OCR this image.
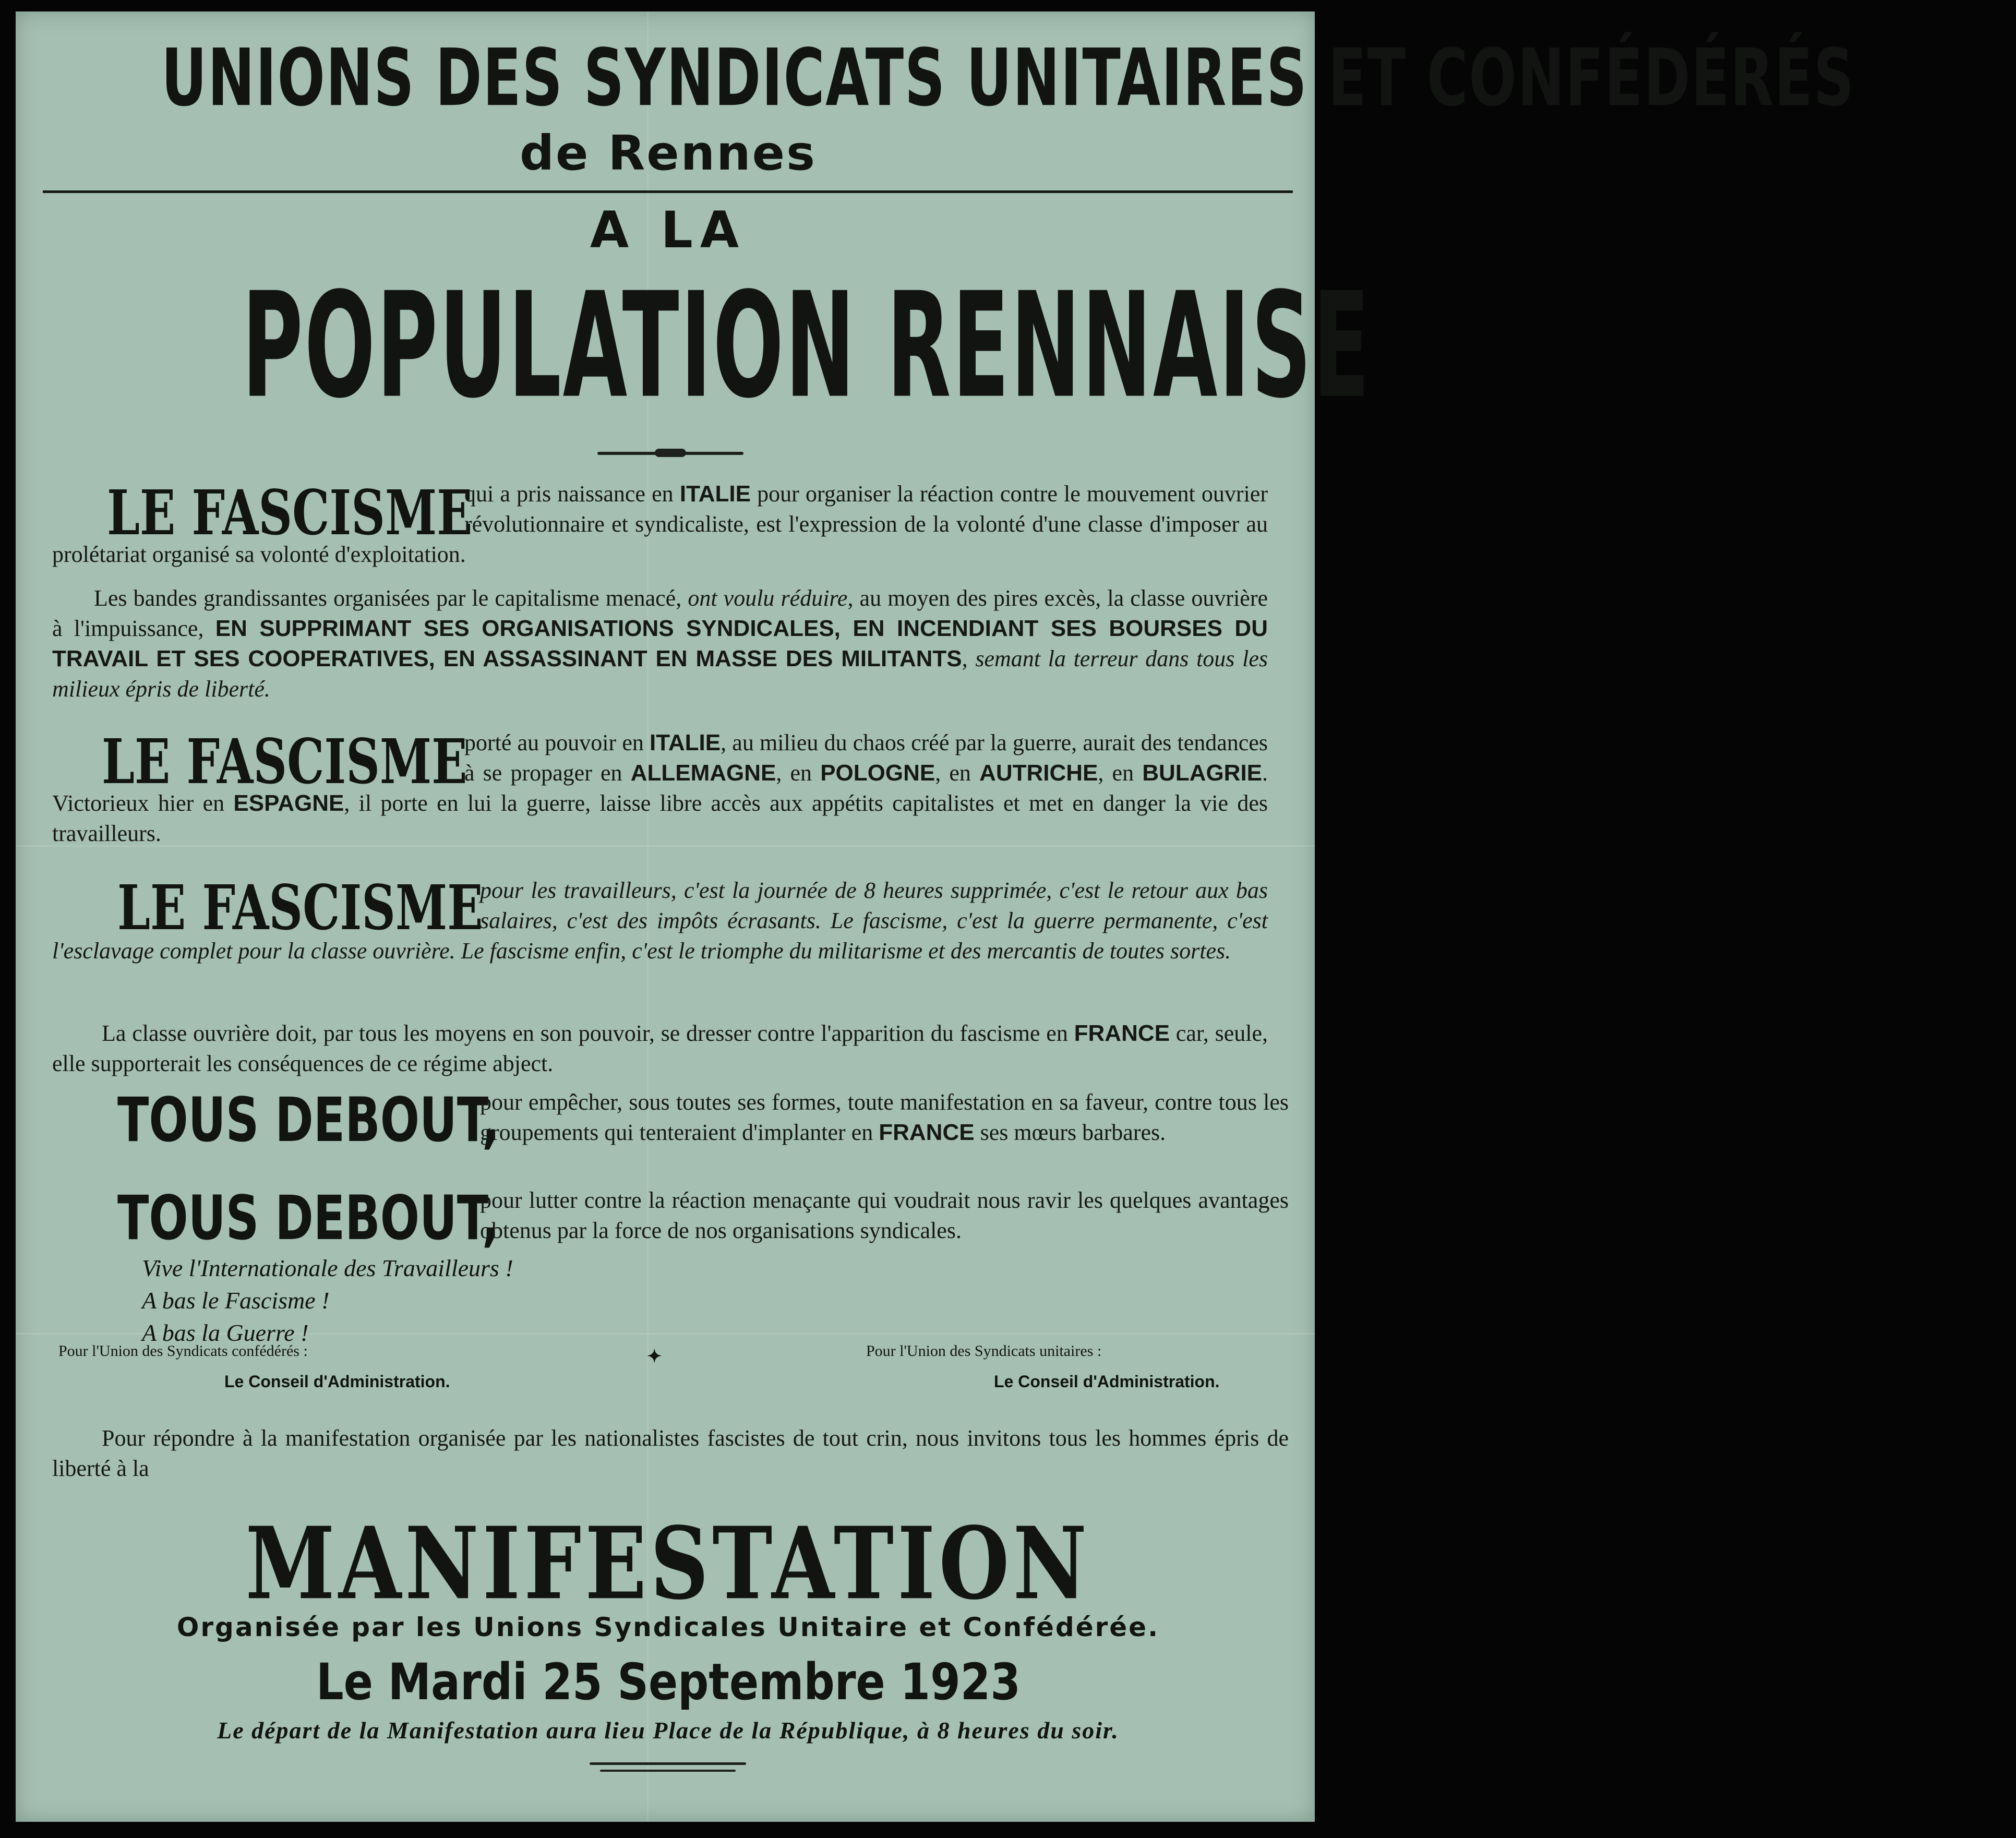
UNIONS DES SYNDICATS UNITAIRES ET CONFÉDÉRÉS
de Rennes
A LA
POPULATION RENNAISE
LE FASCISME
qui a pris naissance en ITALIE pour organiser la réaction contre le mouvement ouvrier révolutionnaire et syndicaliste, est l'expression de la volonté d'une classe d'imposer au prolétariat organisé sa volonté d'exploitation.
Les bandes grandissantes organisées par le capitalisme menacé, ont voulu réduire, au moyen des pires excès, la classe ouvrière à l'impuissance, EN SUPPRIMANT SES ORGANISATIONS SYNDICALES, EN INCENDIANT SES BOURSES DU TRAVAIL ET SES COOPERATIVES, EN ASSASSINANT EN MASSE DES MILITANTS, semant la terreur dans tous les milieux épris de liberté.
LE FASCISME
porté au pouvoir en ITALIE, au milieu du chaos créé par la guerre, aurait des tendances à se propager en ALLEMAGNE, en POLOGNE, en AUTRICHE, en BULAGRIE. Victorieux hier en ESPAGNE, il porte en lui la guerre, laisse libre accès aux appétits capitalistes et met en danger la vie des travailleurs.
LE FASCISME
pour les travailleurs, c'est la journée de 8 heures supprimée, c'est le retour aux bas salaires, c'est des impôts écrasants. Le fascisme, c'est la guerre permanente, c'est l'esclavage complet pour la classe ouvrière. Le fascisme enfin, c'est le triomphe du militarisme et des mercantis de toutes sortes.
La classe ouvrière doit, par tous les moyens en son pouvoir, se dresser contre l'apparition du fascisme en FRANCE car, seule, elle supporterait les conséquences de ce régime abject.
TOUS DEBOUT,
pour empêcher, sous toutes ses formes, toute manifestation en sa faveur, contre tous les groupements qui tenteraient d'implanter en FRANCE ses mœurs barbares.
TOUS DEBOUT,
pour lutter contre la réaction menaçante qui voudrait nous ravir les quelques avantages obtenus par la force de nos organisations syndicales.
Vive l'Internationale des Travailleurs !
A bas le Fascisme !
A bas la Guerre !
Pour l'Union des Syndicats confédérés :
Le Conseil d'Administration.
✦	Pour l'Union des Syndicats unitaires :
Le Conseil d'Administration.
Pour répondre à la manifestation organisée par les nationalistes fascistes de tout crin, nous invitons tous les hommes épris de liberté à la
MANIFESTATION
Organisée par les Unions Syndicales Unitaire et Confédérée.
Le Mardi 25 Septembre 1923
Le départ de la Manifestation aura lieu Place de la République, à 8 heures du soir.
